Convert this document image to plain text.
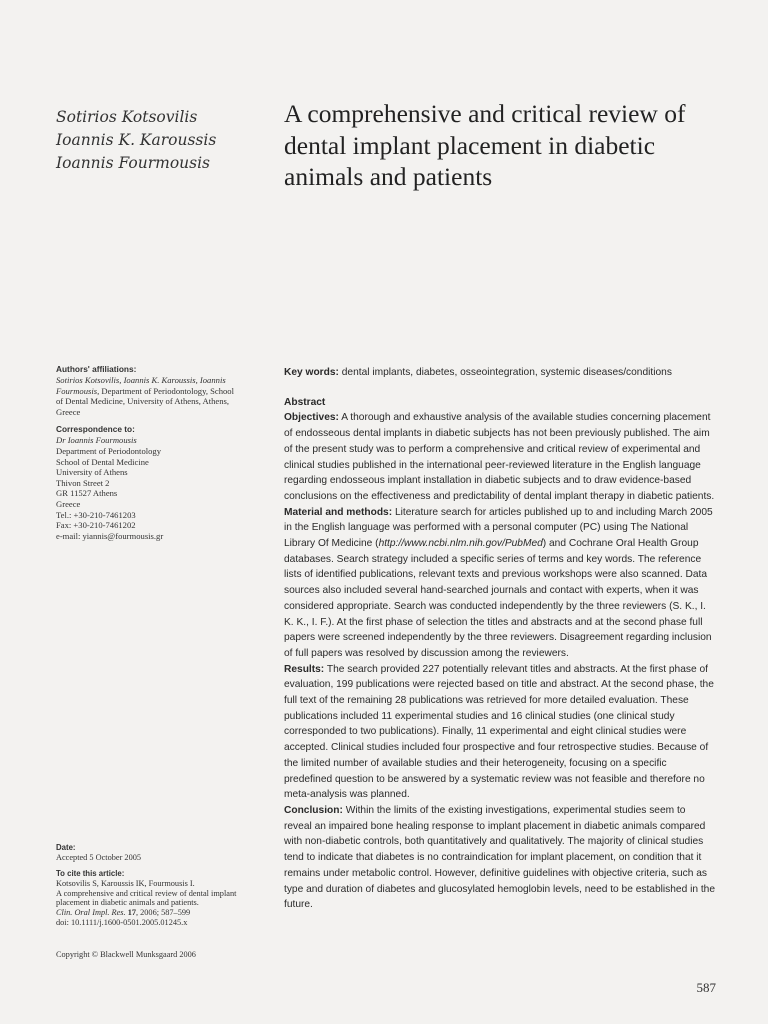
Sotirios Kotsovilis
Ioannis K. Karoussis
Ioannis Fourmousis
A comprehensive and critical review of
dental implant placement in diabetic
animals and patients
Authors' affiliations:
Sotirios Kotsovilis, Ioannis K. Karoussis, Ioannis
Fourmousis, Department of Periodontology, School
of Dental Medicine, University of Athens, Athens,
Greece
Correspondence to:
Dr Ioannis Fourmousis
Department of Periodontology
School of Dental Medicine
University of Athens
Thivon Street 2
GR 11527 Athens
Greece
Tel.: +30-210-7461203
Fax: +30-210-7461202
e-mail: yiannis@fourmousis.gr
Date:
Accepted 5 October 2005
To cite this article:
Kotsovilis S, Karoussis IK, Fourmousis I.
A comprehensive and critical review of dental implant
placement in diabetic animals and patients.
Clin. Oral Impl. Res. 17, 2006; 587–599
doi: 10.1111/j.1600-0501.2005.01245.x
Copyright © Blackwell Munksgaard 2006

Key words: dental implants, diabetes, osseointegration, systemic diseases/conditions

Abstract

Objectives: A thorough and exhaustive analysis of the available studies concerning placement of endosseous dental implants in diabetic subjects has not been previously published. The aim of the present study was to perform a comprehensive and critical review of experimental and clinical studies published in the international peer-reviewed literature in the English language regarding endosseous implant installation in diabetic subjects and to draw evidence-based conclusions on the effectiveness and predictability of dental implant therapy in diabetic patients.

Material and methods: Literature search for articles published up to and including March 2005 in the English language was performed with a personal computer (PC) using The National Library Of Medicine (http://www.ncbi.nlm.nih.gov/PubMed) and Cochrane Oral Health Group databases. Search strategy included a specific series of terms and key words. The reference lists of identified publications, relevant texts and previous workshops were also scanned. Data sources also included several hand-searched journals and contact with experts, when it was considered appropriate. Search was conducted independently by the three reviewers (S. K., I. K. K., I. F.). At the first phase of selection the titles and abstracts and at the second phase full papers were screened independently by the three reviewers. Disagreement regarding inclusion of full papers was resolved by discussion among the reviewers.

Results: The search provided 227 potentially relevant titles and abstracts. At the first phase of evaluation, 199 publications were rejected based on title and abstract. At the second phase, the full text of the remaining 28 publications was retrieved for more detailed evaluation. These publications included 11 experimental studies and 16 clinical studies (one clinical study corresponded to two publications). Finally, 11 experimental and eight clinical studies were accepted. Clinical studies included four prospective and four retrospective studies. Because of the limited number of available studies and their heterogeneity, focusing on a specific predefined question to be answered by a systematic review was not feasible and therefore no meta-analysis was planned.

Conclusion: Within the limits of the existing investigations, experimental studies seem to reveal an impaired bone healing response to implant placement in diabetic animals compared with non-diabetic controls, both quantitatively and qualitatively. The majority of clinical studies tend to indicate that diabetes is no contraindication for implant placement, on condition that it remains under metabolic control. However, definitive guidelines with objective criteria, such as type and duration of diabetes and glucosylated hemoglobin levels, need to be established in the future.

587
